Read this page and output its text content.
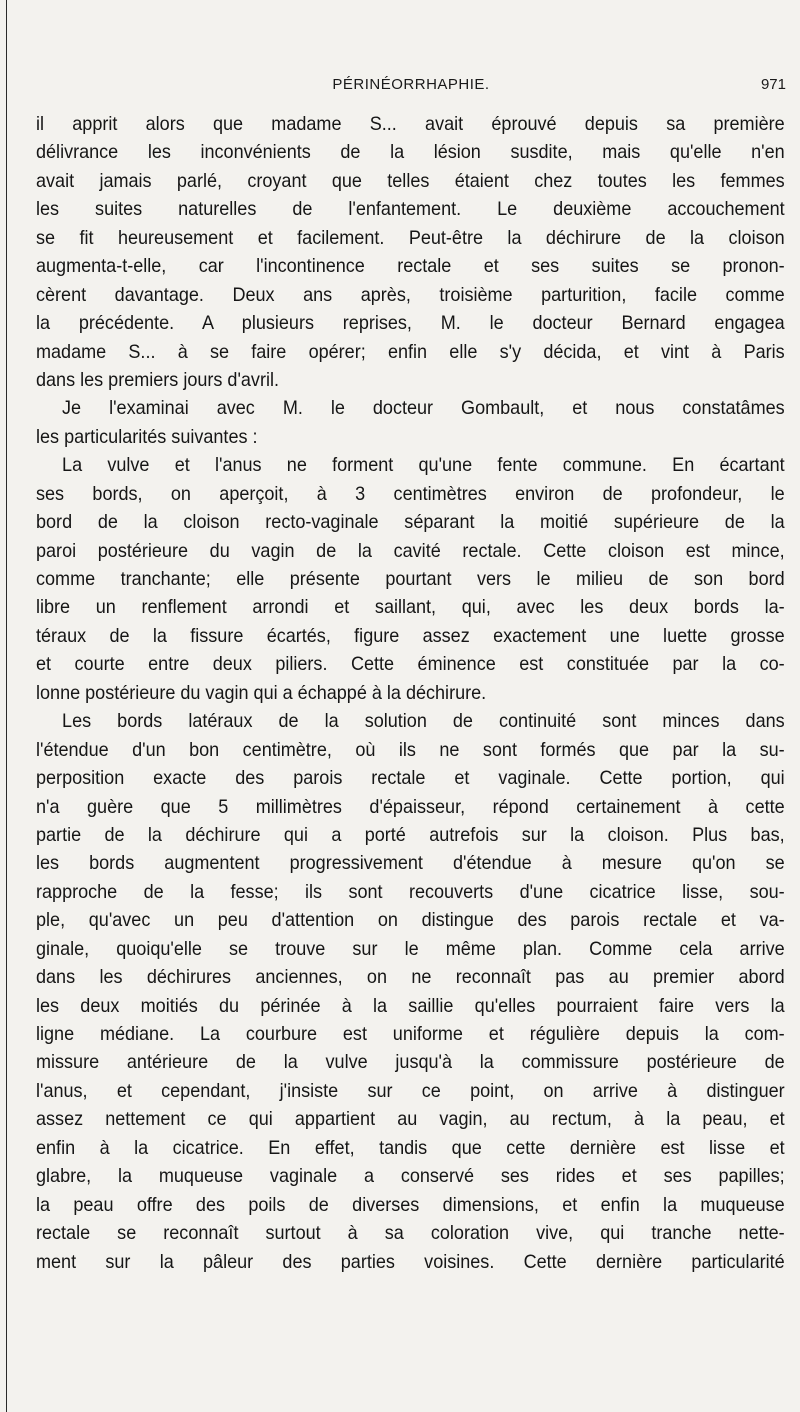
PÉRINÉORRHAPHIE.	971
il apprit alors que madame S... avait éprouvé depuis sa première
délivrance les inconvénients de la lésion susdite, mais qu'elle n'en
avait jamais parlé, croyant que telles étaient chez toutes les femmes
les suites naturelles de l'enfantement. Le deuxième accouchement
se fit heureusement et facilement. Peut-être la déchirure de la cloison
augmenta-t-elle, car l'incontinence rectale et ses suites se pronon-
cèrent davantage. Deux ans après, troisième parturition, facile comme
la précédente. A plusieurs reprises, M. le docteur Bernard engagea
madame S... à se faire opérer; enfin elle s'y décida, et vint à Paris
dans les premiers jours d'avril.
Je l'examinai avec M. le docteur Gombault, et nous constatâmes
les particularités suivantes :
La vulve et l'anus ne forment qu'une fente commune. En écartant
ses bords, on aperçoit, à 3 centimètres environ de profondeur, le
bord de la cloison recto-vaginale séparant la moitié supérieure de la
paroi postérieure du vagin de la cavité rectale. Cette cloison est mince,
comme tranchante; elle présente pourtant vers le milieu de son bord
libre un renflement arrondi et saillant, qui, avec les deux bords la-
téraux de la fissure écartés, figure assez exactement une luette grosse
et courte entre deux piliers. Cette éminence est constituée par la co-
lonne postérieure du vagin qui a échappé à la déchirure.
Les bords latéraux de la solution de continuité sont minces dans
l'étendue d'un bon centimètre, où ils ne sont formés que par la su-
perposition exacte des parois rectale et vaginale. Cette portion, qui
n'a guère que 5 millimètres d'épaisseur, répond certainement à cette
partie de la déchirure qui a porté autrefois sur la cloison. Plus bas,
les bords augmentent progressivement d'étendue à mesure qu'on se
rapproche de la fesse; ils sont recouverts d'une cicatrice lisse, sou-
ple, qu'avec un peu d'attention on distingue des parois rectale et va-
ginale, quoiqu'elle se trouve sur le même plan. Comme cela arrive
dans les déchirures anciennes, on ne reconnaît pas au premier abord
les deux moitiés du périnée à la saillie qu'elles pourraient faire vers la
ligne médiane. La courbure est uniforme et régulière depuis la com-
missure antérieure de la vulve jusqu'à la commissure postérieure de
l'anus, et cependant, j'insiste sur ce point, on arrive à distinguer
assez nettement ce qui appartient au vagin, au rectum, à la peau, et
enfin à la cicatrice. En effet, tandis que cette dernière est lisse et
glabre, la muqueuse vaginale a conservé ses rides et ses papilles;
la peau offre des poils de diverses dimensions, et enfin la muqueuse
rectale se reconnaît surtout à sa coloration vive, qui tranche nette-
ment sur la pâleur des parties voisines. Cette dernière particularité
